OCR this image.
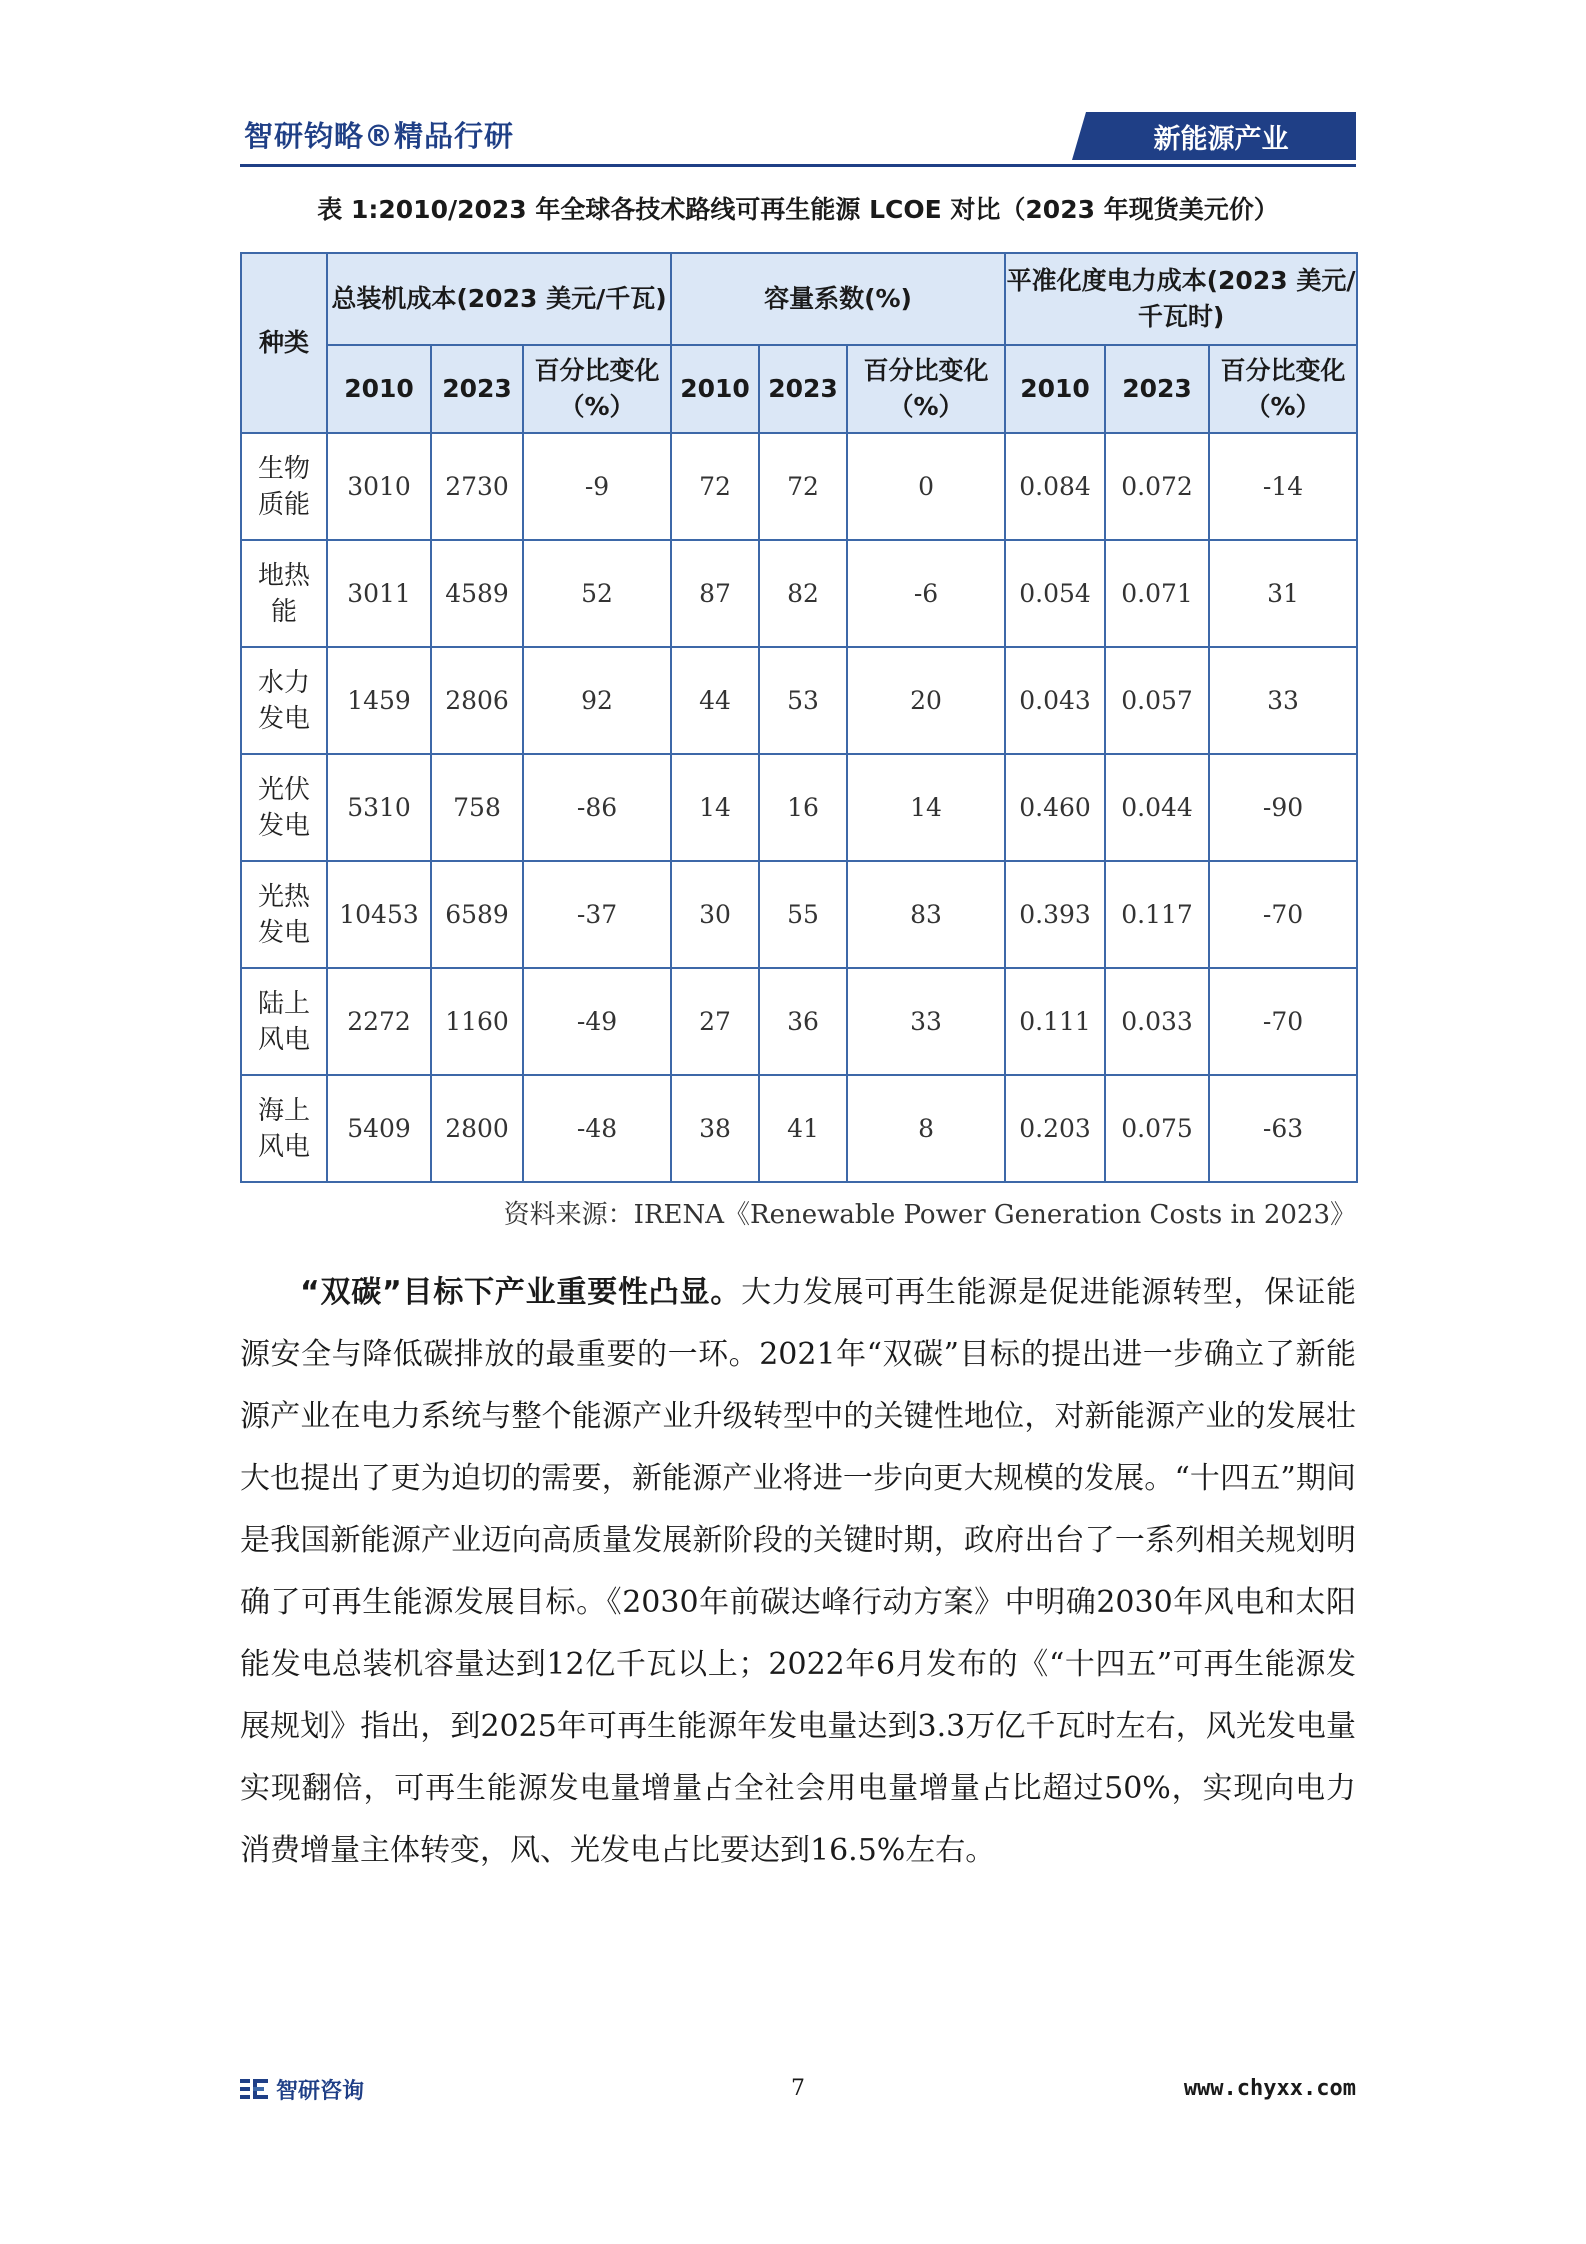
智研钧略®精品行研	新能源产业
表 1:2010/2023 年全球各技术路线可再生能源 LCOE 对比（2023 年现货美元价）
种类	总装机成本(2023 美元/千瓦)			容量系数(%)			平准化度电力成本(2023 美元/千瓦时)		
	2010	2023	百分比变化（%）	2010	2023	百分比变化（%）	2010	2023	百分比变化（%）

生物
质能	3010	2730	-9	72	72	0	0.084	0.072	-14

地热
能	3011	4589	52	87	82	-6	0.054	0.071	31

水力
发电	1459	2806	92	44	53	20	0.043	0.057	33

光伏
发电	5310	758	-86	14	16	14	0.460	0.044	-90

光热
发电	10453	6589	-37	30	55	83	0.393	0.117	-70

陆上
风电	2272	1160	-49	27	36	33	0.111	0.033	-70

海上
风电	5409	2800	-48	38	41	8	0.203	0.075	-63
资料来源：IRENA《Renewable Power Generation Costs in 2023》

“双碳”目标下产业重要性凸显。大力发展可再生能源是促进能源转型，保证能源安全与降低碳排放的最重要的一环。2021年“双碳”目标的提出进一步确立了新能源产业在电力系统与整个能源产业升级转型中的关键性地位，对新能源产业的发展壮大也提出了更为迫切的需要，新能源产业将进一步向更大规模的发展。“十四五”期间是我国新能源产业迈向高质量发展新阶段的关键时期，政府出台了一系列相关规划明确了可再生能源发展目标。《2030年前碳达峰行动方案》中明确2030年风电和太阳能发电总装机容量达到12亿千瓦以上；2022年6月发布的《“十四五”可再生能源发展规划》指出，到2025年可再生能源年发电量达到3.3万亿千瓦时左右，风光发电量实现翻倍，可再生能源发电量增量占全社会用电量增量占比超过50%，实现向电力消费增量主体转变，风、光发电占比要达到16.5%左右。

智研咨询	7	www.chyxx.com
